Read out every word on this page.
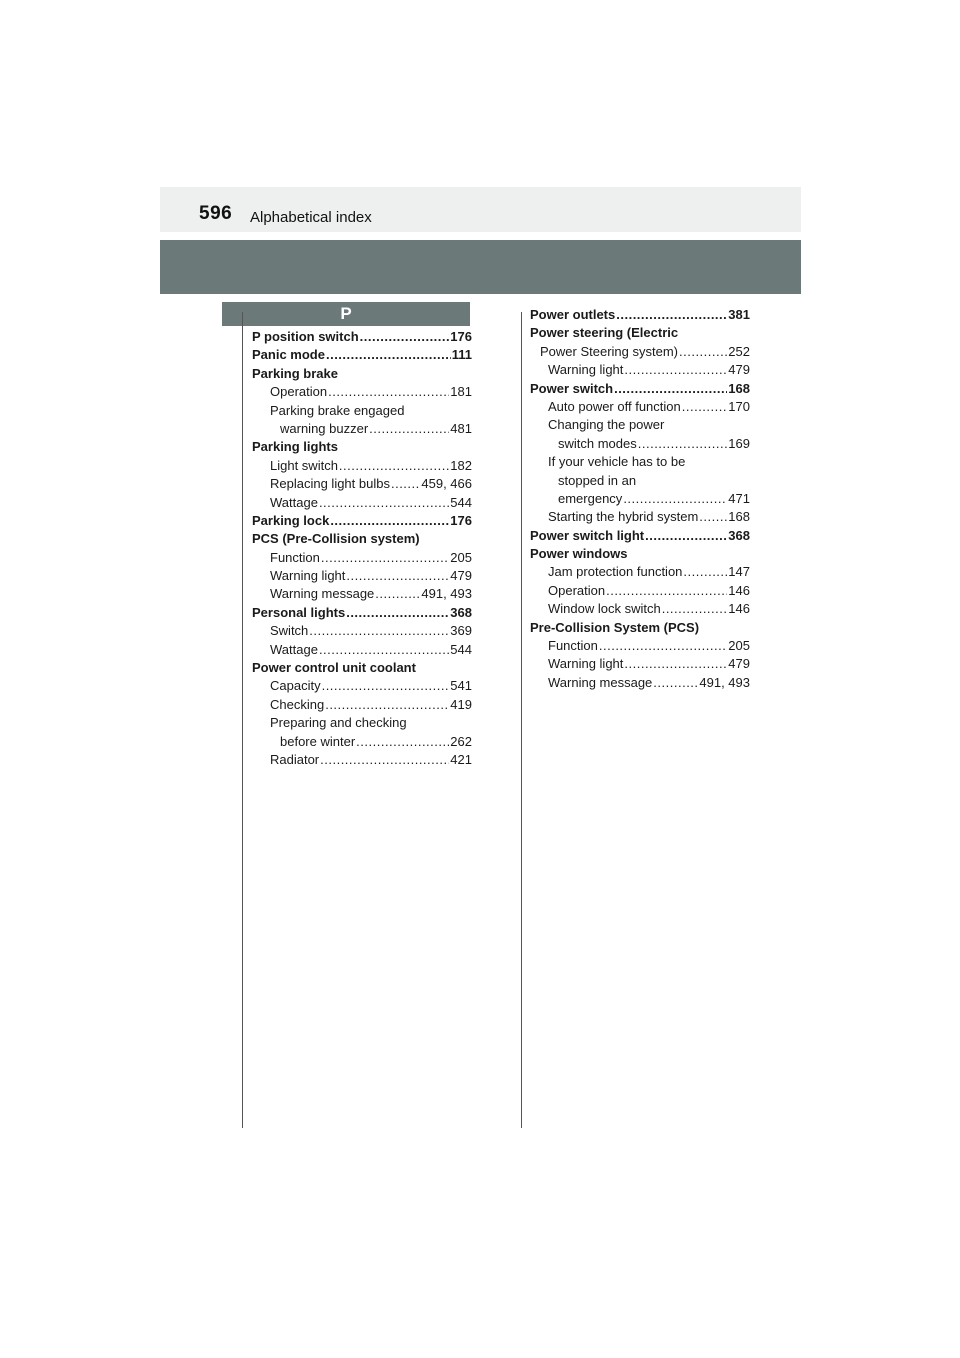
596 Alphabetical index
P
P position switch .....	176
Panic mode .....	111
Parking brake
Operation .....	181
Parking brake engaged
warning buzzer .....	481
Parking lights
Light switch .....	182
Replacing light bulbs ..... 459, 466
Wattage .....	544
Parking lock .....	176
PCS (Pre-Collision system)
Function .....	205
Warning light .....	479
Warning message .....	491, 493
Personal lights .....	368
Switch .....	369
Wattage .....	544
Power control unit coolant
Capacity .....	541
Checking .....	419
Preparing and checking
before winter .....	262
Radiator .....	421
Power outlets .....	381
Power steering (Electric
Power Steering system) .....	252
Warning light .....	479
Power switch .....	168
Auto power off function .....	170
Changing the power
switch modes .....	169
If your vehicle has to be
stopped in an
emergency .....	471
Starting the hybrid system ..... 168
Power switch light .....	368
Power windows
Jam protection function .....	147
Operation .....	146
Window lock switch .....	146
Pre-Collision System (PCS)
Function .....	205
Warning light .....	479
Warning message .....	491, 493
